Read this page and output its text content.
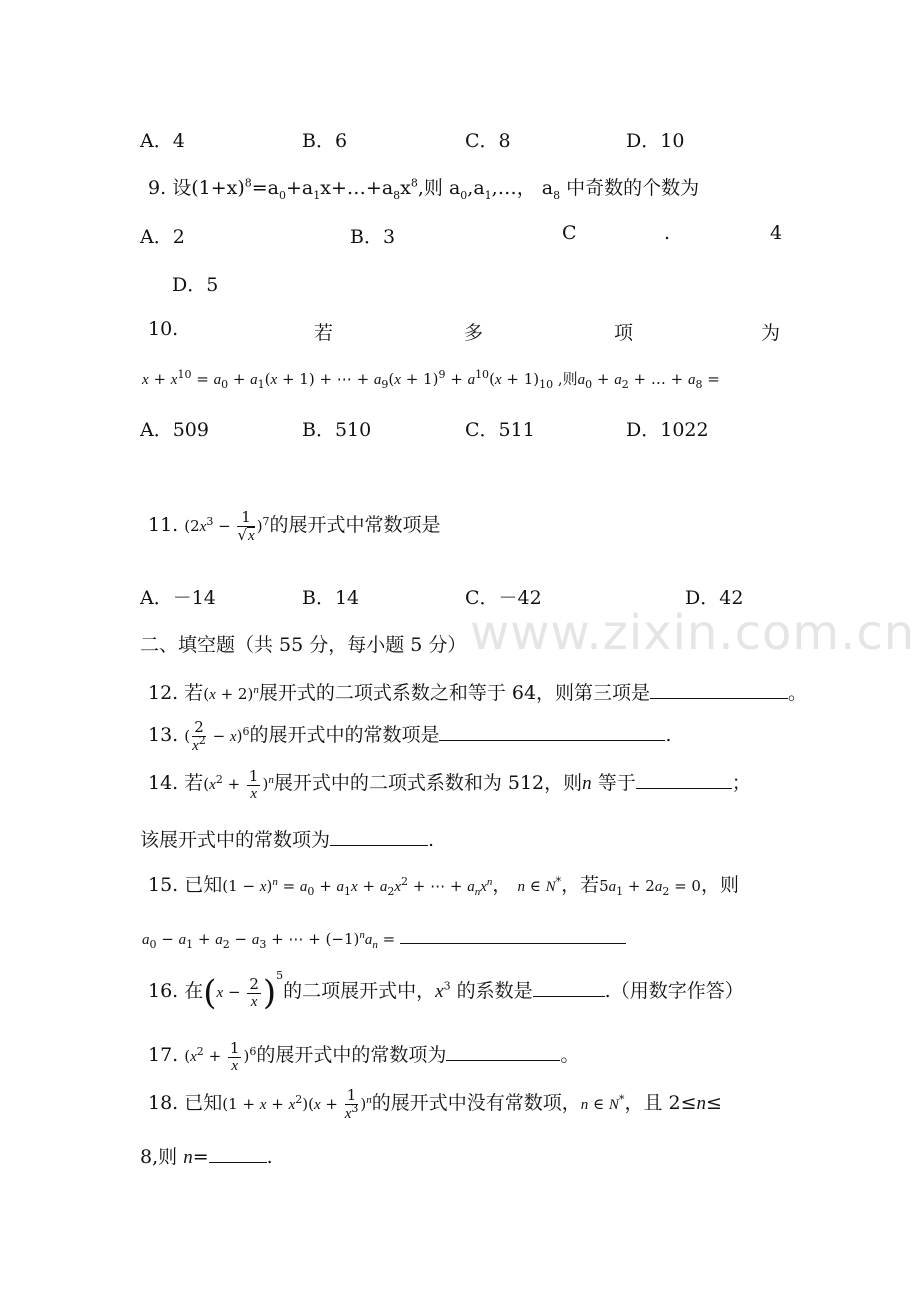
www.zixin.com.cn
A．4	B．6	C．8	D．10
9. 设$(1+x)^8=a_0+a_1x+\dots+a_8x^8$,则 $a_0,a_1,\dots$， $a_8$ 中奇数的个数为
A．2	B．3	C	.	4
D．5
10.	若	多	项	为
$x + x^{10} = a_0 + a_1(x + 1)$ + ⋯ + $a_9(x + 1)^9 + a^{10}(x + 1)_{10}$ ,则$a_0 + a_2$ + … + $a_8$ =
A．509	B．510	C．511	D．1022
11. $(2x^3 - \frac{1}{√x} )^7$的展开式中常数项是
A．－14	B．14	C．－42	D．42
二、填空题（共 55 分，每小题 5 分）
12. 若$(x + 2)^n$展开式的二项式系数之和等于 64，则第三项是	。
13. ( $\frac{2}{x^2} - x)^6$的展开式中的常数项是	.
14. 若$(x^2 + \frac{1}{x} )^n$展开式中的二项式系数和为 512，则n 等于	；
该展开式中的常数项为	.
15. 已知$(1 - x)^n = a_0 + a_1x + a_2x^2$ + ⋯ + $a_nx^n$， n ∈ N*，若$5a_1 + 2a_2 = 0$，则
$a_0 - a_1 + a_2 - a_3$ + ⋯ + $(-1)^na_n$ =
16. 在$(x - \frac{2}{x} )^5$的二项展开式中，$x^3$ 的系数是	.（用数字作答）
17. $(x^2 + \frac{1}{x} )^6$的展开式中的常数项为	。
18. 已知$(1 + x + x^2)(x + \frac{1}{x^3} )^n$的展开式中没有常数项，n ∈ N*，且 2≤n≤
8,则 n=	.
